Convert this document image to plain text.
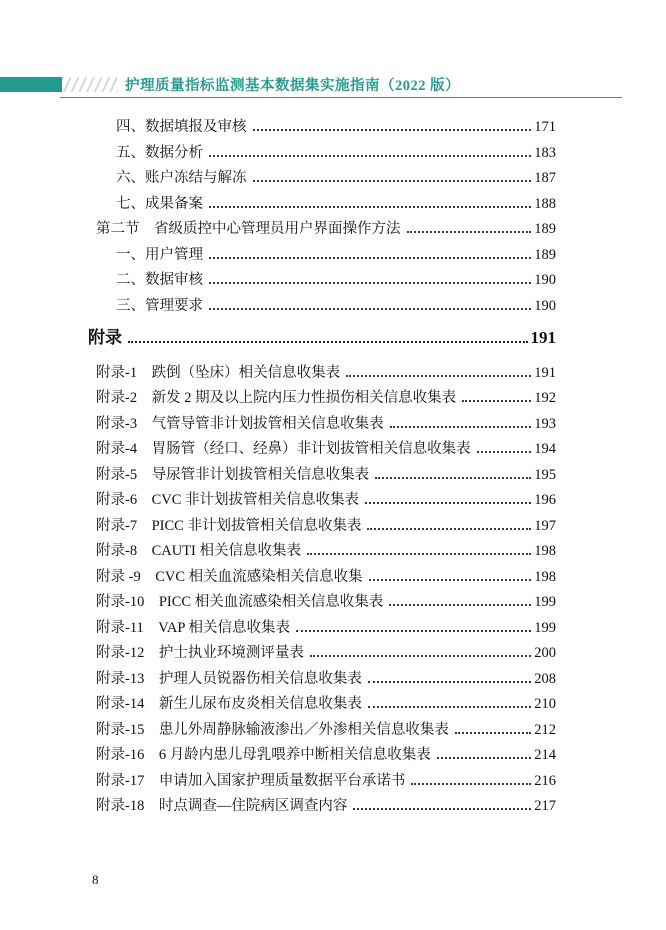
护理质量指标监测基本数据集实施指南（2022 版）
四、数据填报及审核	171
五、数据分析	183
六、账户冻结与解冻	187
七、成果备案	188
第二节　省级质控中心管理员用户界面操作方法	189
一、用户管理	189
二、数据审核	190
三、管理要求	190
附录	191
附录-1　跌倒（坠床）相关信息收集表	191
附录-2　新发 2 期及以上院内压力性损伤相关信息收集表	192
附录-3　气管导管非计划拔管相关信息收集表	193
附录-4　胃肠管（经口、经鼻）非计划拔管相关信息收集表	194
附录-5　导尿管非计划拔管相关信息收集表	195
附录-6　CVC 非计划拔管相关信息收集表	196
附录-7　PICC 非计划拔管相关信息收集表	197
附录-8　CAUTI 相关信息收集表	198
附录 -9　CVC 相关血流感染相关信息收集	198
附录-10　PICC 相关血流感染相关信息收集表	199
附录-11　VAP 相关信息收集表	199
附录-12　护士执业环境测评量表	200
附录-13　护理人员锐器伤相关信息收集表	208
附录-14　新生儿尿布皮炎相关信息收集表	210
附录-15　患儿外周静脉输液渗出／外渗相关信息收集表	212
附录-16　6 月龄内患儿母乳喂养中断相关信息收集表	214
附录-17　申请加入国家护理质量数据平台承诺书	216
附录-18　时点调查—住院病区调查内容	217
8
